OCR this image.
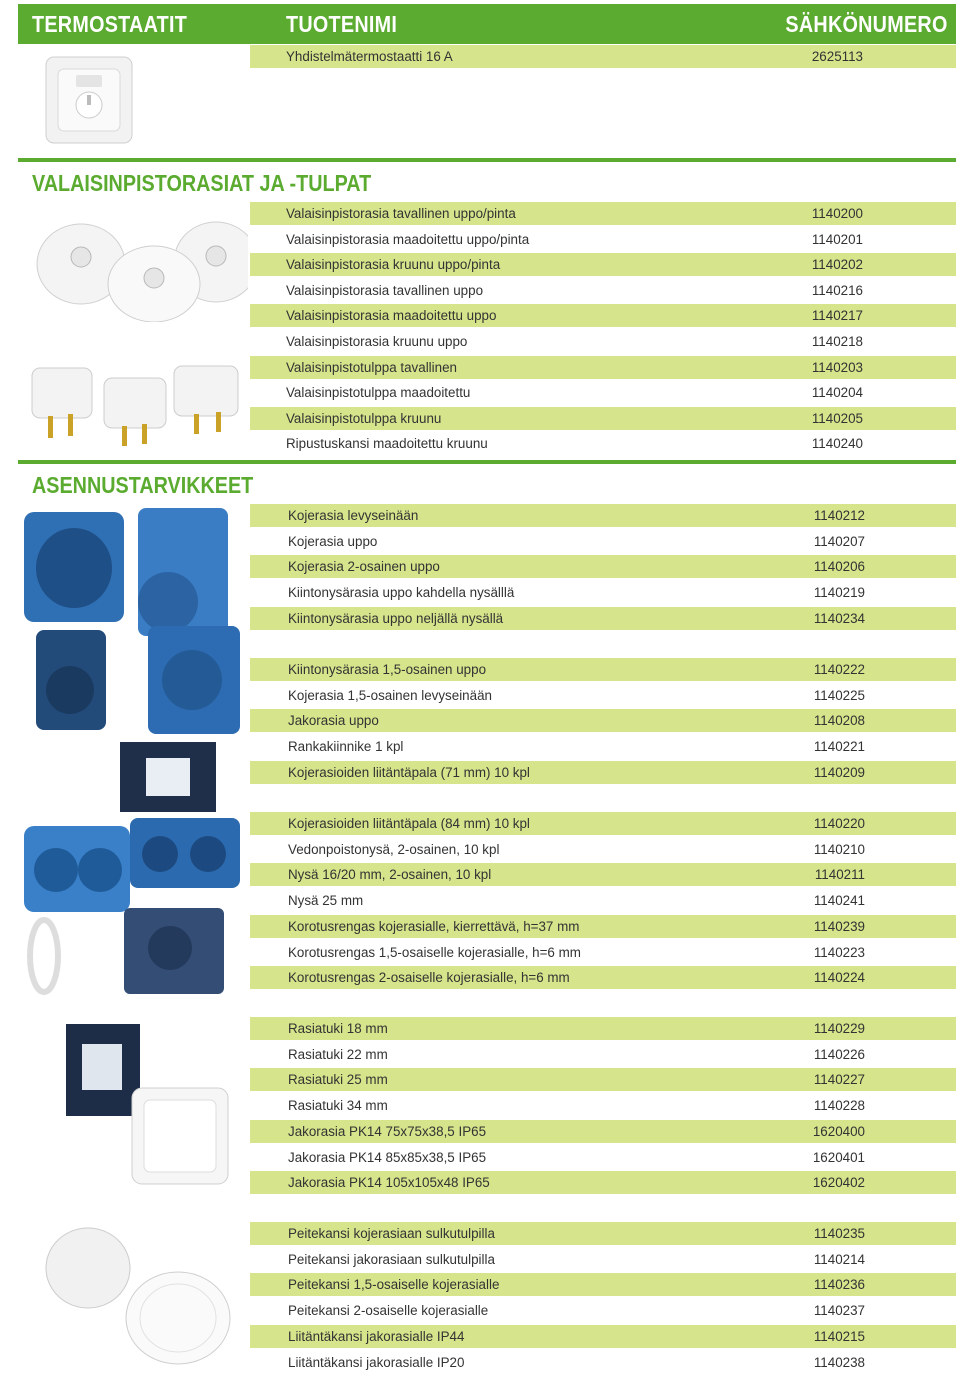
TERMOSTAATIT	TUOTENIMI	SÄHKÖNUMERO
Yhdistelmätermostaatti 16 A	2625113
VALAISINPISTORASIAT JA -TULPAT
Valaisinpistorasia tavallinen uppo/pinta	1140200
Valaisinpistorasia maadoitettu uppo/pinta	1140201
Valaisinpistorasia kruunu uppo/pinta	1140202
Valaisinpistorasia tavallinen uppo	1140216
Valaisinpistorasia maadoitettu uppo	1140217
Valaisinpistorasia kruunu uppo	1140218
Valaisinpistotulppa tavallinen	1140203
Valaisinpistotulppa maadoitettu	1140204
Valaisinpistotulppa kruunu	1140205
Ripustuskansi maadoitettu kruunu	1140240
ASENNUSTARVIKKEET
Kojerasia levyseinään	1140212
Kojerasia uppo	1140207
Kojerasia 2-osainen uppo	1140206
Kiintonysärasia uppo kahdella nysälllä	1140219
Kiintonysärasia uppo neljällä nysällä	1140234
Kiintonysärasia 1,5-osainen uppo	1140222
Kojerasia 1,5-osainen levyseinään	1140225
Jakorasia uppo	1140208
Rankakiinnike 1 kpl	1140221
Kojerasioiden liitäntäpala (71 mm) 10 kpl	1140209
Kojerasioiden liitäntäpala (84 mm) 10 kpl	1140220
Vedonpoistonysä, 2-osainen, 10 kpl	1140210
Nysä 16/20 mm, 2-osainen, 10 kpl	1140211
Nysä 25 mm	1140241
Korotusrengas kojerasialle, kierrettävä, h=37 mm	1140239
Korotusrengas 1,5-osaiselle kojerasialle, h=6 mm	1140223
Korotusrengas 2-osaiselle kojerasialle, h=6 mm	1140224
Rasiatuki 18 mm	1140229
Rasiatuki 22 mm	1140226
Rasiatuki 25 mm	1140227
Rasiatuki 34 mm	1140228
Jakorasia PK14 75x75x38,5 IP65	1620400
Jakorasia PK14 85x85x38,5 IP65	1620401
Jakorasia PK14 105x105x48 IP65	1620402
Peitekansi kojerasiaan sulkutulpilla	1140235
Peitekansi jakorasiaan sulkutulpilla	1140214
Peitekansi 1,5-osaiselle kojerasialle	1140236
Peitekansi 2-osaiselle kojerasialle	1140237
Liitäntäkansi jakorasialle IP44	1140215
Liitäntäkansi jakorasialle IP20	1140238
